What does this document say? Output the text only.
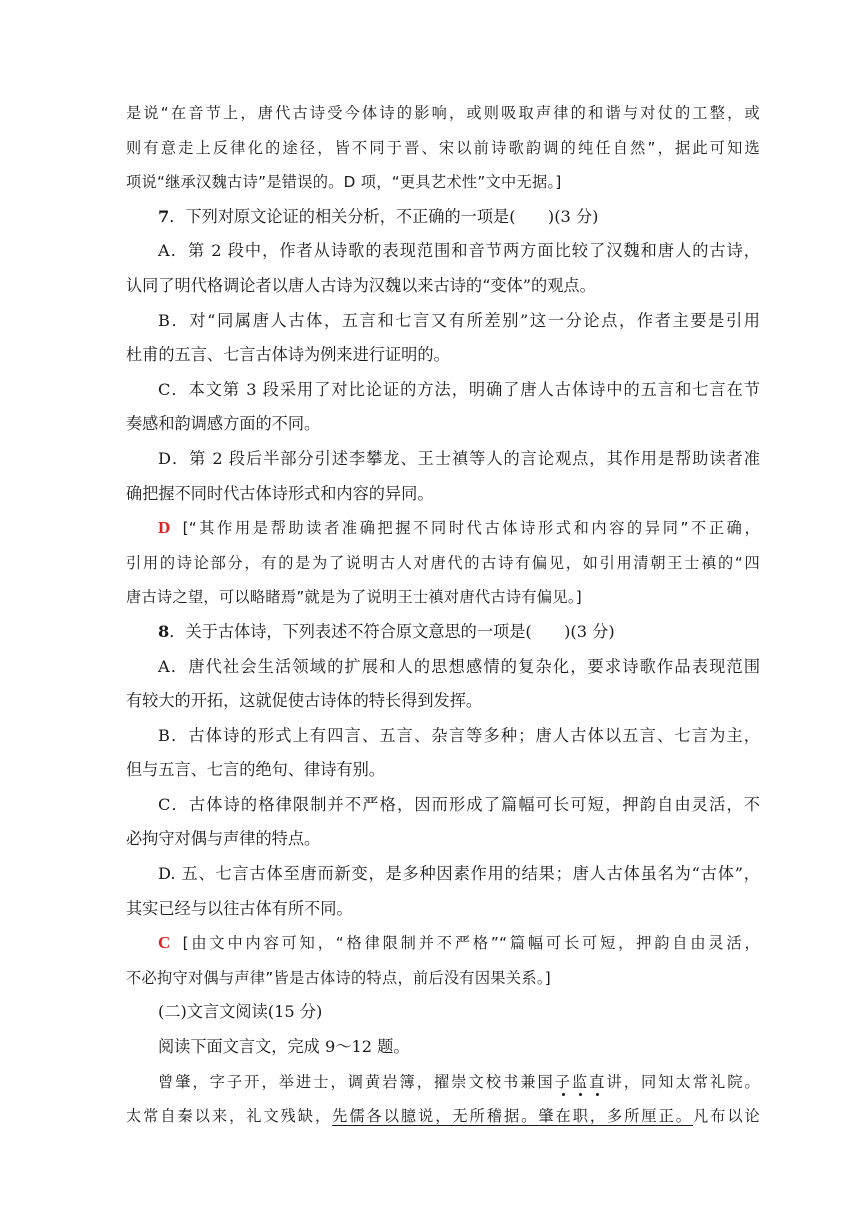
是说“在音节上，唐代古诗受今体诗的影响，或则吸取声律的和谐与对仗的工整，或
则有意走上反律化的途径，皆不同于晋、宋以前诗歌韵调的纯任自然”，据此可知选
项说“继承汉魏古诗”是错误的。D 项，“更具艺术性”文中无据。]
7．下列对原文论证的相关分析，不正确的一项是(　　)(3 分)
A．第 2 段中，作者从诗歌的表现范围和音节两方面比较了汉魏和唐人的古诗，
认同了明代格调论者以唐人古诗为汉魏以来古诗的“变体”的观点。
B．对“同属唐人古体，五言和七言又有所差别”这一分论点，作者主要是引用
杜甫的五言、七言古体诗为例来进行证明的。
C．本文第 3 段采用了对比论证的方法，明确了唐人古体诗中的五言和七言在节
奏感和韵调感方面的不同。
D．第 2 段后半部分引述李攀龙、王士禛等人的言论观点，其作用是帮助读者准
确把握不同时代古体诗形式和内容的异同。
D [“其作用是帮助读者准确把握不同时代古体诗形式和内容的异同”不正确，
引用的诗论部分，有的是为了说明古人对唐代的古诗有偏见，如引用清朝王士禛的“四
唐古诗之望，可以略睹焉”就是为了说明王士禛对唐代古诗有偏见。]
8．关于古体诗，下列表述不符合原文意思的一项是(　　)(3 分)
A．唐代社会生活领域的扩展和人的思想感情的复杂化，要求诗歌作品表现范围
有较大的开拓，这就促使古诗体的特长得到发挥。
B．古体诗的形式上有四言、五言、杂言等多种；唐人古体以五言、七言为主，
但与五言、七言的绝句、律诗有别。
C．古体诗的格律限制并不严格，因而形成了篇幅可长可短，押韵自由灵活，不
必拘守对偶与声律的特点。
D. 五、七言古体至唐而新变，是多种因素作用的结果；唐人古体虽名为“古体”，
其实已经与以往古体有所不同。
C [由文中内容可知，“格律限制并不严格”“篇幅可长可短，押韵自由灵活，
不必拘守对偶与声律”皆是古体诗的特点，前后没有因果关系。]
(二)文言文阅读(15 分)
阅读下面文言文，完成 9～12 题。
曾肇，字子开，举进士，调黄岩簿，擢崇文校书兼国子监直讲，同知太常礼院。
太常自秦以来，礼文残缺，先儒各以臆说，无所稽据。肇在职，多所厘正。凡布以论
